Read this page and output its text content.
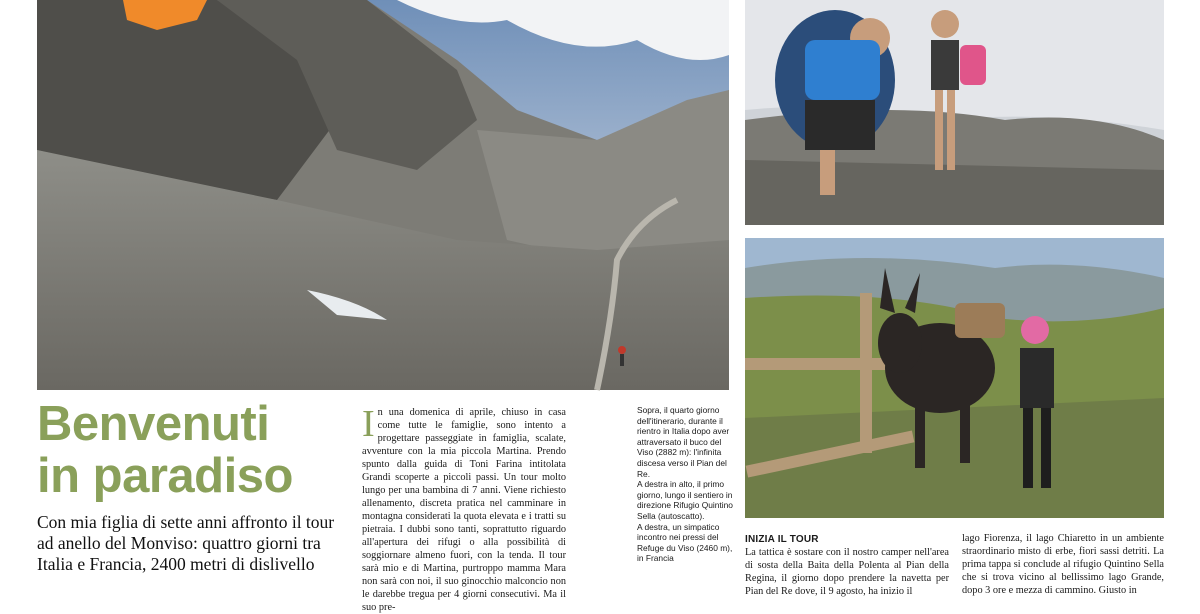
Benvenuti
in paradiso
Con mia figlia di sette anni affronto il tour ad anello del Monviso: quattro giorni tra Italia e Francia, 2400 metri di dislivello
In una domenica di aprile, chiuso in casa come tutte le famiglie, sono intento a progettare passeggiate in famiglia, scalate, avventure con la mia piccola Martina. Prendo spunto dalla guida di Toni Farina intitolata Grandi scoperte a piccoli passi. Un tour molto lungo per una bambina di 7 anni. Viene richiesto allenamento, discreta pratica nel camminare in montagna considerati la quota elevata e i tratti su pietraia. I dubbi sono tanti, soprattutto riguardo all'apertura dei rifugi o alla possibilità di soggiornare almeno fuori, con la tenda. Il tour sarà mio e di Martina, purtroppo mamma Mara non sarà con noi, il suo ginocchio malconcio non le darebbe tregua per 4 giorni consecutivi. Ma il suo pre-

Sopra, il quarto giorno dell'itinerario, durante il rientro in Italia dopo aver attraversato il buco del Viso (2882 m): l'infinita discesa verso il Pian del Re.

A destra in alto, il primo giorno, lungo il sentiero in direzione Rifugio Quintino Sella (autoscatto).

A destra, un simpatico incontro nei pressi del Refuge du Viso (2460 m), in Francia

INIZIA IL TOUR
La tattica è sostare con il nostro camper nell'area di sosta della Baita della Polenta al Pian della Regina, il giorno dopo prendere la navetta per Pian del Re dove, il 9 agosto, ha inizio il
lago Fiorenza, il lago Chiaretto in un ambiente straordinario misto di erbe, fiori sassi detriti. La prima tappa si conclude al rifugio Quintino Sella che si trova vicino al bellissimo lago Grande, dopo 3 ore e mezza di cammino. Giusto in
